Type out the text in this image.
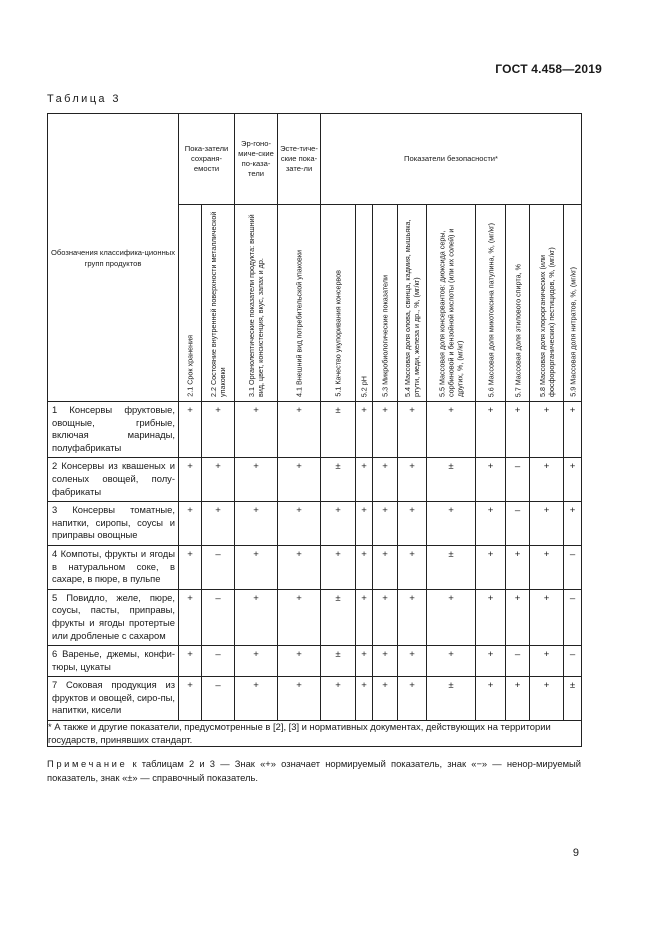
ГОСТ 4.458—2019
Таблица 3
Обозначения классифика-ционных групп продуктов	Пока-затели сохраня-емости		Эр-гоно-миче-ские по-каза-тели	Эсте-тиче-ские пока-зате-ли	Показатели безопасности*								

	2.1 Срок хранения	2.2 Состояние внутренней поверхности металлической упаковки	3.1 Органолептические показатели продукта: внешний вид, цвет, консистенция, вкус, запах и др.	4.1 Внешний вид потребительской упаковки	5.1 Качество укупоривания консервов	5.2 pH	5.3 Микробиологические показатели	5.4 Массовая доля олова, свинца, кадмия, мышьяка, ртути, меди, железа и др., %, (мг/кг)	5.5 Массовая доля консервантов: диоксида серы, сорбиновой и бензойной кислоты (или их солей) и других, %, (мг/кг)	5.6 Массовая доля микотоксина патулина, %, (мг/кг)	5.7 Массовая доля этилового спирта, %	5.8 Массовая доля хлорорганических (или фосфорорганических) пестицидов, %, (мг/кг)	5.9 Массовая доля нитратов, %, (мг/кг)

1 Консервы фруктовые, овощные, грибные, включая маринады, полуфабрикаты	+	+	+	+	±	+	+	+	+	+	+	+	+
2 Консервы из квашеных и соленых овощей, полу-фабрикаты	+	+	+	+	±	+	+	+	±	+	–	+	+
3 Консервы томатные, напитки, сиропы, соусы и приправы овощные	+	+	+	+	+	+	+	+	+	+	–	+	+
4 Компоты, фрукты и ягоды в натуральном соке, в сахаре, в пюре, в пульпе	+	–	+	+	+	+	+	+	±	+	+	+	–
5 Повидло, желе, пюре, соусы, пасты, приправы, фрукты и ягоды протертые или дробленые с сахаром	+	–	+	+	±	+	+	+	+	+	+	+	–
6 Варенье, джемы, конфи-тюры, цукаты	+	–	+	+	±	+	+	+	+	+	–	+	–
7 Соковая продукция из фруктов и овощей, сиро-пы, напитки, кисели	+	–	+	+	+	+	+	+	±	+	+	+	±
* А также и другие показатели, предусмотренные в [2], [3] и нормативных документах, действующих на территории государств, принявших стандарт.													
Примечание к таблицам 2 и 3 — Знак «+» означает нормируемый показатель, знак «−» — ненор-мируемый показатель, знак «±» — справочный показатель.
9
